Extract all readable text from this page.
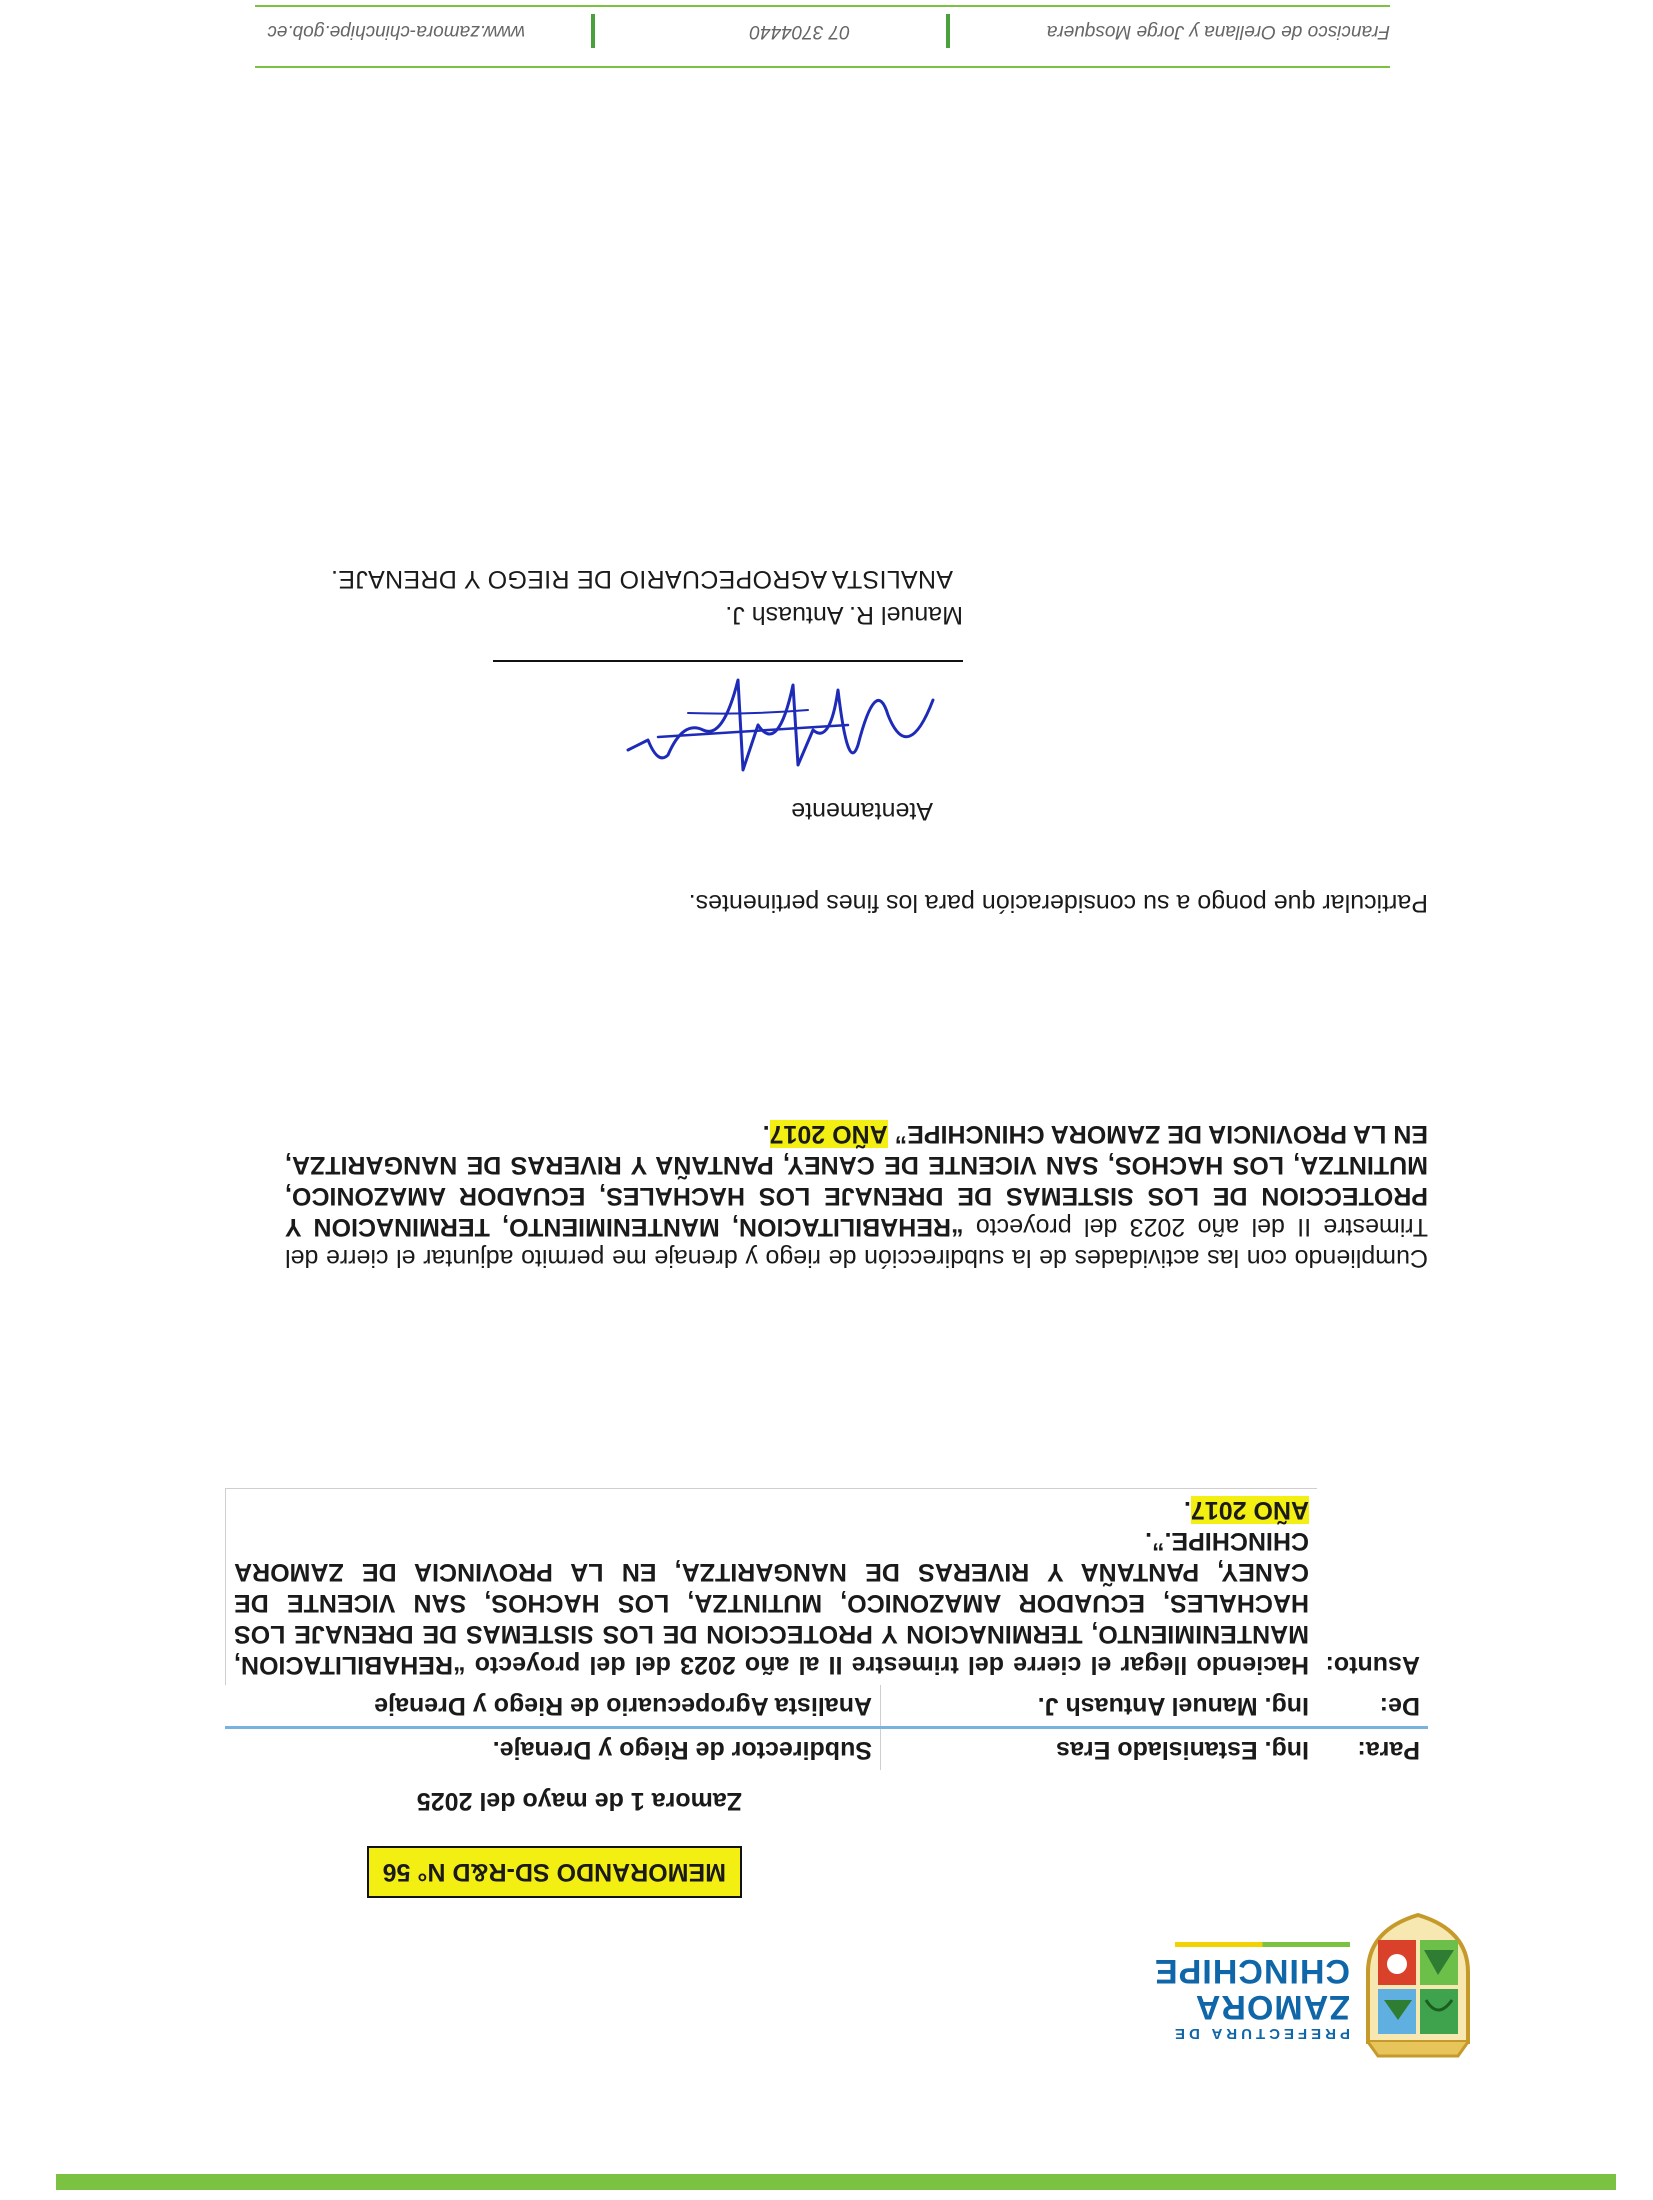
PREFECTURA DE
ZAMORA
CHINCHIPE
MEMORANDO SD-R&D N° 56
Zamora 1 de mayo del 2025
Para:	Ing. Estanislado Eras	Subdirector de Riego y Drenaje.
De:	Ing. Manuel Antuash J.	Analista Agropecuario de Riego y Drenaje
Asunto:	Haciendo llegar el cierre del trimestre II al año 2023 del del proyecto “REHABILITACION, MANTENIMIENTO, TERMINACION Y PROTECCION DE LOS SISTEMAS DE DRENAJE LOS HACHALES, ECUADOR AMAZONICO, MUTINTZA, LOS HACHOS, SAN VICENTE DE CANEY, PANTAÑA Y RIVERAS DE NANGARITZA, EN LA PROVINCIA DE ZAMORA CHINCHIPE.”.
AÑO 2017.	
Cumpliendo con las actividades de la subdirección de riego y drenaje me permito adjuntar el cierre del Trimestre II del año 2023 del proyecto “REHABILITACION, MANTENIMIENTO, TERMINACION Y PROTECCION DE LOS SISTEMAS DE DRENAJE LOS HACHALES, ECUADOR AMAZONICO, MUTINTZA, LOS HACHOS, SAN VICENTE DE CANEY, PANTAÑA Y RIVERAS DE NANGARITZA, EN LA PROVINCIA DE ZAMORA CHINCHIPE” AÑO 2017.
Particular que pongo a su consideración para los fines pertinentes.
Atentamente
Manuel R. Antuash J.
ANALISTA AGROPECUARIO DE RIEGO Y DRENAJE.
Francisco de Orellana y Jorge Mosquera
07 3704440
www.zamora-chinchipe.gob.ec
